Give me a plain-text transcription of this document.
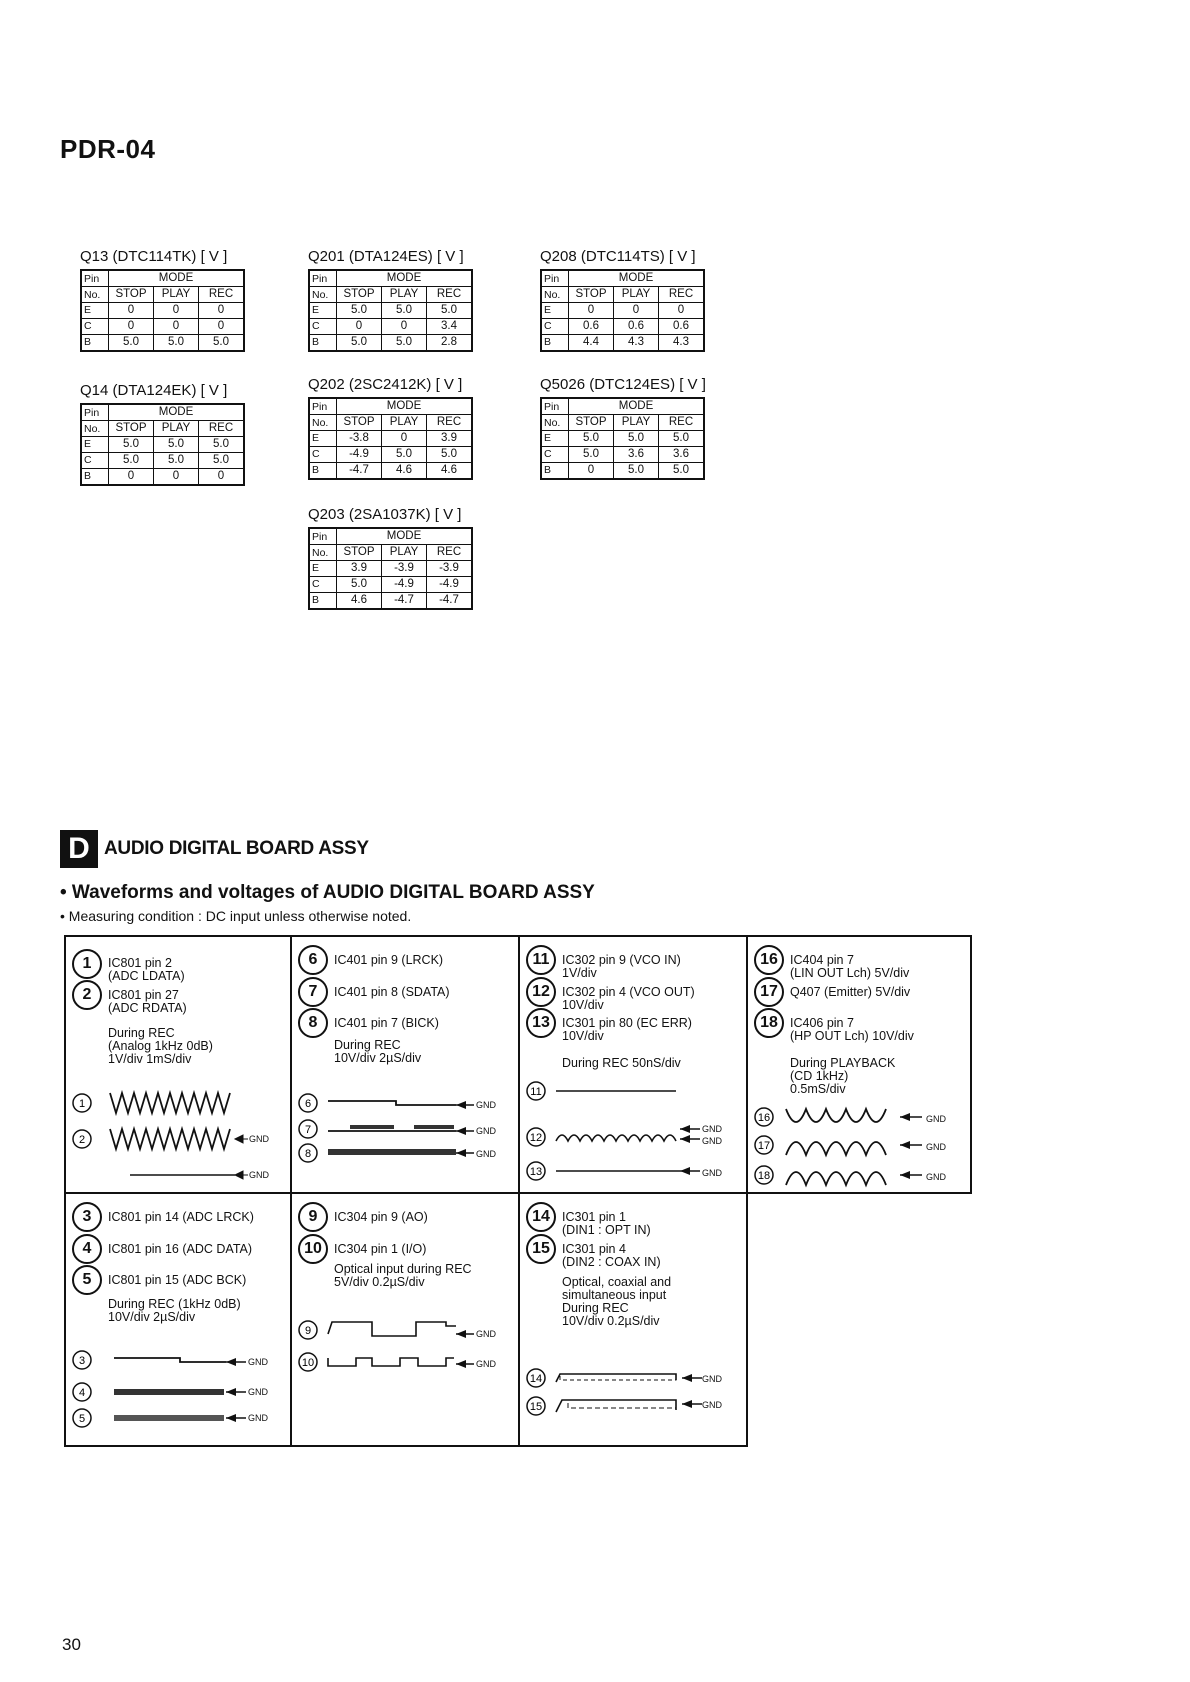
PDR-04
Q13 (DTC114TK) [ V ]
Pin	MODE		
No.	STOP	PLAY	REC
E	0	0	0
C	0	0	0
B	5.0	5.0	5.0
Q14 (DTA124EK) [ V ]
Pin	MODE		
No.	STOP	PLAY	REC
E	5.0	5.0	5.0
C	5.0	5.0	5.0
B	0	0	0
Q201 (DTA124ES) [ V ]
Pin	MODE		
No.	STOP	PLAY	REC
E	5.0	5.0	5.0
C	0	0	3.4
B	5.0	5.0	2.8
Q202 (2SC2412K) [ V ]
Pin	MODE		
No.	STOP	PLAY	REC
E	-3.8	0	3.9
C	-4.9	5.0	5.0
B	-4.7	4.6	4.6
Q203 (2SA1037K) [ V ]
Pin	MODE		
No.	STOP	PLAY	REC
E	3.9	-3.9	-3.9
C	5.0	-4.9	-4.9
B	4.6	-4.7	-4.7
Q208 (DTC114TS) [ V ]
Pin	MODE		
No.	STOP	PLAY	REC
E	0	0	0
C	0.6	0.6	0.6
B	4.4	4.3	4.3
Q5026 (DTC124ES) [ V ]
Pin	MODE		
No.	STOP	PLAY	REC
E	5.0	5.0	5.0
C	5.0	3.6	3.6
B	0	5.0	5.0
D AUDIO DIGITAL BOARD ASSY
• Waveforms and voltages of AUDIO DIGITAL BOARD ASSY
• Measuring condition : DC input unless otherwise noted.
1	IC801 pin 2
(ADC LDATA)
2	IC801 pin 27
(ADC RDATA)
During REC
(Analog 1kHz 0dB)
1V/div 1mS/div
1
2	GND
GND
6	IC401 pin 9 (LRCK)
7	IC401 pin 8 (SDATA)
8	IC401 pin 7 (BICK)
During REC
10V/div 2µS/div
6
7
8
GND
GND
GND
11	IC302 pin 9 (VCO IN)
1V/div
12 IC302 pin 4 (VCO OUT)
10V/div
13 IC301 pin 80 (EC ERR)
10V/div
During REC 50nS/div
11
12
13
GND
GND
GND
16 IC404 pin 7
(LIN OUT Lch) 5V/div
17 Q407 (Emitter) 5V/div
18 IC406 pin 7
(HP OUT Lch) 10V/div
During PLAYBACK
(CD 1kHz)
0.5mS/div
16
17
18
GND
GND
GND
3	IC801 pin 14 (ADC LRCK)
4	IC801 pin 16 (ADC DATA)
5	IC801 pin 15 (ADC BCK)
During REC (1kHz 0dB)
10V/div 2µS/div
3
4
5
GND
GND
GND
9	IC304 pin 9 (AO)
10 IC304 pin 1 (I/O)
Optical input during REC
5V/div 0.2µS/div
9
10
GND
GND
14 IC301 pin 1
(DIN1 : OPT IN)
15 IC301 pin 4
(DIN2 : COAX IN)
Optical, coaxial and
simultaneous input
During REC
10V/div 0.2µS/div
14
15
GND
GND
30
